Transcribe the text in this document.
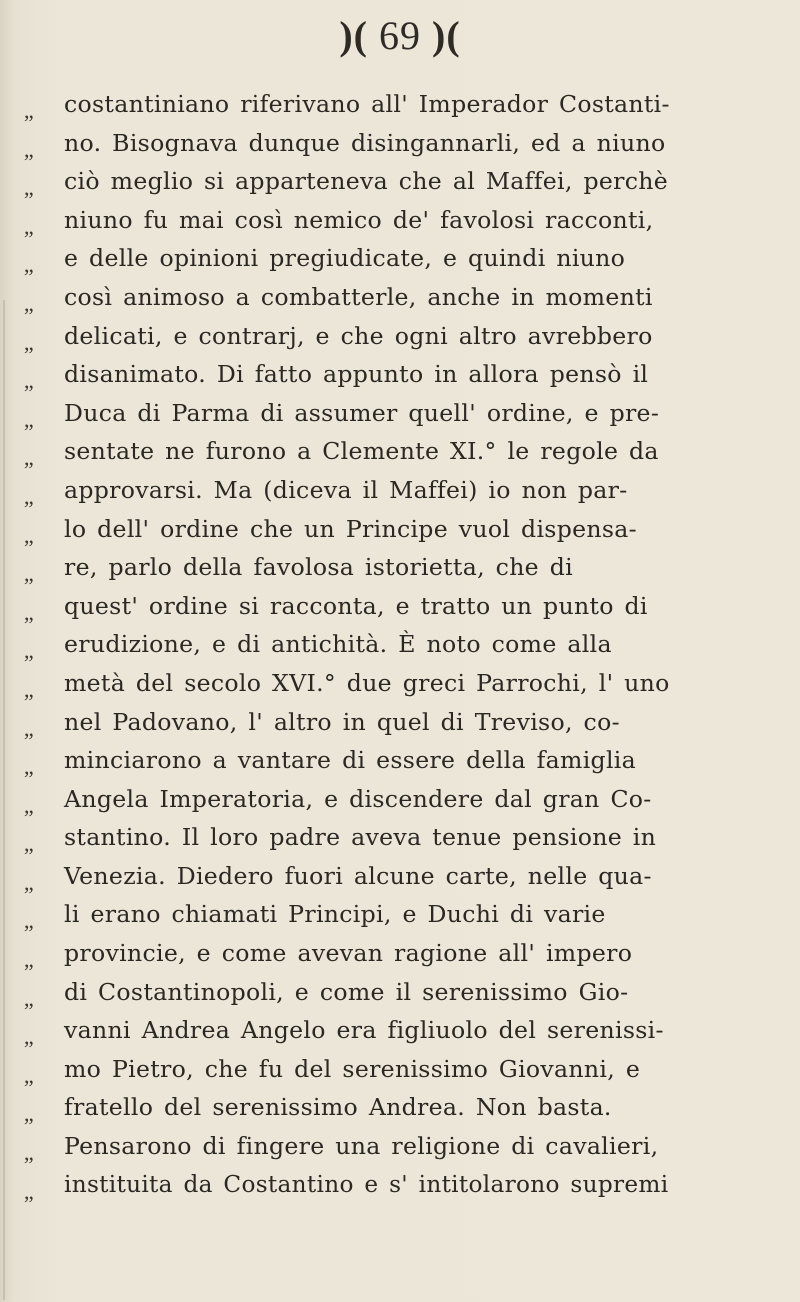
)( 69 )(
,, costantiniano riferivano all' Imperador Costanti-
,, no. Bisognava dunque disingannarli, ed a niuno
,, ciò meglio si apparteneva che al Maffei, perchè
,, niuno fu mai così nemico de' favolosi racconti,
,, e delle opinioni pregiudicate, e quindi niuno
,, così animoso a combatterle, anche in momenti
,, delicati, e contrarj, e che ogni altro avrebbero
,, disanimato. Di fatto appunto in allora pensò il
,, Duca di Parma di assumer quell' ordine, e pre-
,, sentate ne furono a Clemente XI.° le regole da
,, approvarsi. Ma (diceva il Maffei) io non par-
,, lo dell' ordine che un Principe vuol dispensa-
,, re, parlo della favolosa istorietta, che di
,, quest' ordine si racconta, e tratto un punto di
,, erudizione, e di antichità. È noto come alla
,, metà del secolo XVI.° due greci Parrochi, l' uno
,, nel Padovano, l' altro in quel di Treviso, co-
,, minciarono a vantare di essere della famiglia
,, Angela Imperatoria, e discendere dal gran Co-
,, stantino. Il loro padre aveva tenue pensione in
,, Venezia. Diedero fuori alcune carte, nelle qua-
,, li erano chiamati Principi, e Duchi di varie
,, provincie, e come avevan ragione all' impero
,, di Costantinopoli, e come il serenissimo Gio-
,, vanni Andrea Angelo era figliuolo del serenissi-
,, mo Pietro, che fu del serenissimo Giovanni, e
,, fratello del serenissimo Andrea. Non basta.
,, Pensarono di fingere una religione di cavalieri,
,, instituita da Costantino e s' intitolarono supremi
